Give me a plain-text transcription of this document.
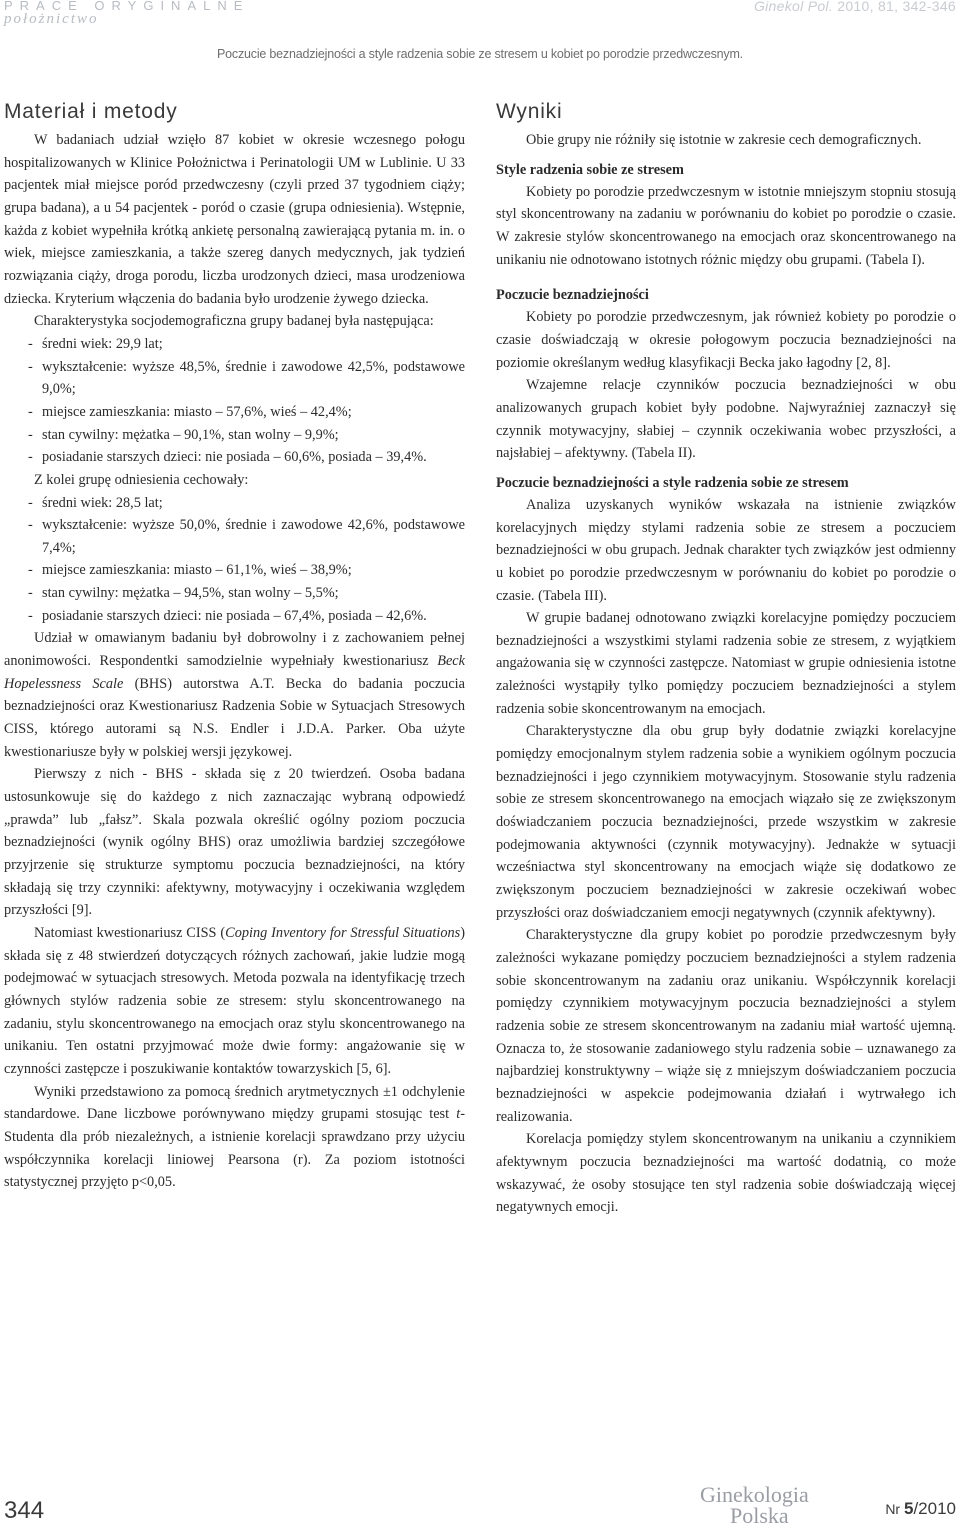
PRACE ORYGINALNE
położnictwo
Ginekol Pol. 2010, 81, 342-346
Poczucie beznadziejności a style radzenia sobie ze stresem u kobiet po porodzie przedwczesnym.
Materiał i metody

W badaniach udział wzięło 87 kobiet w okresie wczesnego połogu hospitalizowanych w Klinice Położnictwa i Perinatologii UM w Lublinie. U 33 pacjentek miał miejsce poród przedwczesny (czyli przed 37 tygodniem ciąży; grupa badana), a u 54 pacjentek - poród o czasie (grupa odniesienia). Wstępnie, każda z kobiet wypełniła krótką ankietę personalną zawierającą pytania m. in. o wiek, miejsce zamieszkania, a także szereg danych medycznych, jak tydzień rozwiązania ciąży, droga porodu, liczba urodzonych dzieci, masa urodzeniowa dziecka. Kryterium włączenia do badania było urodzenie żywego dziecka.

Charakterystyka socjodemograficzna grupy badanej była następująca:

- średni wiek: 29,9 lat;
- wykształcenie: wyższe 48,5%, średnie i zawodowe 42,5%, podstawowe 9,0%;
- miejsce zamieszkania: miasto – 57,6%, wieś – 42,4%;
- stan cywilny: mężatka – 90,1%, stan wolny – 9,9%;
- posiadanie starszych dzieci: nie posiada – 60,6%, posiada – 39,4%.

Z kolei grupę odniesienia cechowały:

- średni wiek: 28,5 lat;
- wykształcenie: wyższe 50,0%, średnie i zawodowe 42,6%, podstawowe 7,4%;
- miejsce zamieszkania: miasto – 61,1%, wieś – 38,9%;
- stan cywilny: mężatka – 94,5%, stan wolny – 5,5%;
- posiadanie starszych dzieci: nie posiada – 67,4%, posiada – 42,6%.

Udział w omawianym badaniu był dobrowolny i z zachowaniem pełnej anonimowości. Respondentki samodzielnie wypełniały kwestionariusz Beck Hopelessness Scale (BHS) autorstwa A.T. Becka do badania poczucia beznadziejności oraz Kwestionariusz Radzenia Sobie w Sytuacjach Stresowych CISS, którego autorami są N.S. Endler i J.D.A. Parker. Oba użyte kwestionariusze były w polskiej wersji językowej.

Pierwszy z nich - BHS - składa się z 20 twierdzeń. Osoba badana ustosunkowuje się do każdego z nich zaznaczając wybraną odpowiedź „prawda” lub „fałsz”. Skala pozwala określić ogólny poziom poczucia beznadziejności (wynik ogólny BHS) oraz umożliwia bardziej szczegółowe przyjrzenie się strukturze symptomu poczucia beznadziejności, na który składają się trzy czynniki: afektywny, motywacyjny i oczekiwania względem przyszłości [9].

Natomiast kwestionariusz CISS (Coping Inventory for Stressful Situations) składa się z 48 stwierdzeń dotyczących różnych zachowań, jakie ludzie mogą podejmować w sytuacjach stresowych. Metoda pozwala na identyfikację trzech głównych stylów radzenia sobie ze stresem: stylu skoncentrowanego na zadaniu, stylu skoncentrowanego na emocjach oraz stylu skoncentrowanego na unikaniu. Ten ostatni przyjmować może dwie formy: angażowanie się w czynności zastępcze i poszukiwanie kontaktów towarzyskich [5, 6].

Wyniki przedstawiono za pomocą średnich arytmetycznych ±1 odchylenie standardowe. Dane liczbowe porównywano między grupami stosując test t-Studenta dla prób niezależnych, a istnienie korelacji sprawdzano przy użyciu współczynnika korelacji liniowej Pearsona (r). Za poziom istotności statystycznej przyjęto p<0,05.

Wyniki

Obie grupy nie różniły się istotnie w zakresie cech demograficznych.

Style radzenia sobie ze stresem

Kobiety po porodzie przedwczesnym w istotnie mniejszym stopniu stosują styl skoncentrowany na zadaniu w porównaniu do kobiet po porodzie o czasie. W zakresie stylów skoncentrowanego na emocjach oraz skoncentrowanego na unikaniu nie odnotowano istotnych różnic między obu grupami. (Tabela I).

Poczucie beznadziejności

Kobiety po porodzie przedwczesnym, jak również kobiety po porodzie o czasie doświadczają w okresie połogowym poczucia beznadziejności na poziomie określanym według klasyfikacji Becka jako łagodny [2, 8].

Wzajemne relacje czynników poczucia beznadziejności w obu analizowanych grupach kobiet były podobne. Najwyraźniej zaznaczył się czynnik motywacyjny, słabiej – czynnik oczekiwania wobec przyszłości, a najsłabiej – afektywny. (Tabela II).

Poczucie beznadziejności a style radzenia sobie ze stresem

Analiza uzyskanych wyników wskazała na istnienie związków korelacyjnych między stylami radzenia sobie ze stresem a poczuciem beznadziejności w obu grupach. Jednak charakter tych związków jest odmienny u kobiet po porodzie przedwczesnym w porównaniu do kobiet po porodzie o czasie. (Tabela III).

W grupie badanej odnotowano związki korelacyjne pomiędzy poczuciem beznadziejności a wszystkimi stylami radzenia sobie ze stresem, z wyjątkiem angażowania się w czynności zastępcze. Natomiast w grupie odniesienia istotne zależności wystąpiły tylko pomiędzy poczuciem beznadziejności a stylem radzenia sobie skoncentrowanym na emocjach.

Charakterystyczne dla obu grup były dodatnie związki korelacyjne pomiędzy emocjonalnym stylem radzenia sobie a wynikiem ogólnym poczucia beznadziejności i jego czynnikiem motywacyjnym. Stosowanie stylu radzenia sobie ze stresem skoncentrowanego na emocjach wiązało się ze zwiększonym doświadczaniem poczucia beznadziejności, przede wszystkim w zakresie podejmowania aktywności (czynnik motywacyjny). Jednakże w sytuacji wcześniactwa styl skoncentrowany na emocjach wiąże się dodatkowo ze zwiększonym poczuciem beznadziejności w zakresie oczekiwań wobec przyszłości oraz doświadczaniem emocji negatywnych (czynnik afektywny).

Charakterystyczne dla grupy kobiet po porodzie przedwczesnym były zależności wykazane pomiędzy poczuciem beznadziejności a stylem radzenia sobie skoncentrowanym na zadaniu oraz unikaniu. Współczynnik korelacji pomiędzy czynnikiem motywacyjnym poczucia beznadziejności a stylem radzenia sobie ze stresem skoncentrowanym na zadaniu miał wartość ujemną. Oznacza to, że stosowanie zadaniowego stylu radzenia sobie – uznawanego za najbardziej konstruktywny – wiąże się z mniejszym doświadczaniem poczucia beznadziejności w aspekcie podejmowania działań i wytrwałego ich realizowania.

Korelacja pomiędzy stylem skoncentrowanym na unikaniu a czynnikiem afektywnym poczucia beznadziejności ma wartość dodatnią, co może wskazywać, że osoby stosujące ten styl radzenia sobie doświadczają więcej negatywnych emocji.

344
Ginekologia
Polska	Nr 5/2010
